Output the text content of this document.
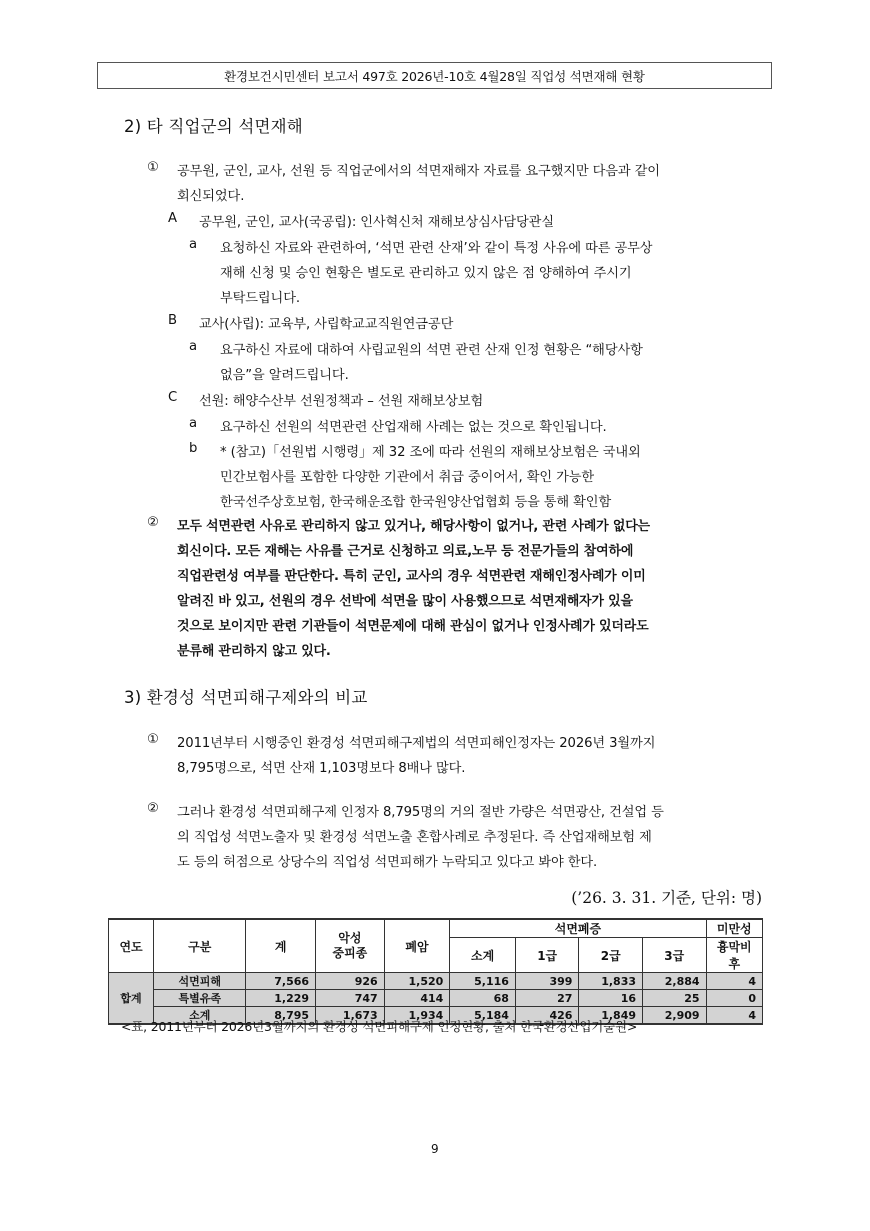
환경보건시민센터 보고서 497호 2026년-10호 4월28일 직업성 석면재해 현황
2) 타 직업군의 석면재해
① 공무원, 군인, 교사, 선원 등 직업군에서의 석면재해자 자료를 요구했지만 다음과 같이
회신되었다.
A 공무원, 군인, 교사(국공립): 인사혁신처 재해보상심사담당관실
a 요청하신 자료와 관련하여, ‘석면 관련 산재’와 같이 특정 사유에 따른 공무상
재해 신청 및 승인 현황은 별도로 관리하고 있지 않은 점 양해하여 주시기
부탁드립니다.
B 교사(사립): 교육부, 사립학교교직원연금공단
a 요구하신 자료에 대하여 사립교원의 석면 관련 산재 인정 현황은 “해당사항
없음”을 알려드립니다.
C 선원: 해양수산부 선원정책과 – 선원 재해보상보험
a 요구하신 선원의 석면관련 산업재해 사례는 없는 것으로 확인됩니다.
b * (참고)「선원법 시행령」제 32 조에 따라 선원의 재해보상보험은 국내외
민간보험사를 포함한 다양한 기관에서 취급 중이어서, 확인 가능한
한국선주상호보험, 한국해운조합 한국원양산업협회 등을 통해 확인함
② 모두 석면관련 사유로 관리하지 않고 있거나, 해당사항이 없거나, 관련 사례가 없다는
회신이다. 모든 재해는 사유를 근거로 신청하고 의료,노무 등 전문가들의 참여하에
직업관련성 여부를 판단한다. 특히 군인, 교사의 경우 석면관련 재해인정사례가 이미
알려진 바 있고, 선원의 경우 선박에 석면을 많이 사용했으므로 석면재해자가 있을
것으로 보이지만 관련 기관들이 석면문제에 대해 관심이 없거나 인정사례가 있더라도
분류해 관리하지 않고 있다.
3) 환경성 석면피해구제와의 비교
① 2011년부터 시행중인 환경성 석면피해구제법의 석면피해인정자는 2026년 3월까지
8,795명으로, 석면 산재 1,103명보다 8배나 많다.
② 그러나 환경성 석면피해구제 인정자 8,795명의 거의 절반 가량은 석면광산, 건설업 등
의 직업성 석면노출자 및 환경성 석면노출 혼합사례로 추정된다. 즉 산업재해보험 제
도 등의 허점으로 상당수의 직업성 석면피해가 누락되고 있다고 봐야 한다.
(’26. 3. 31. 기준, 단위: 명)
연도	구분	계	악성
중피종	폐암	석면폐증				미만성
					소계	1급	2급	3급	흉막비후
합계	석면피해	7,566	926	1,520	5,116	399	1,833	2,884	4
	특별유족	1,229	747	414	68	27	16	25	0
	소계	8,795	1,673	1,934	5,184	426	1,849	2,909	4
<표, 2011년부터 2026년3월까지의 환경성 석면피해구제 인정현황, 출처 한국환경산업기술원>
9
